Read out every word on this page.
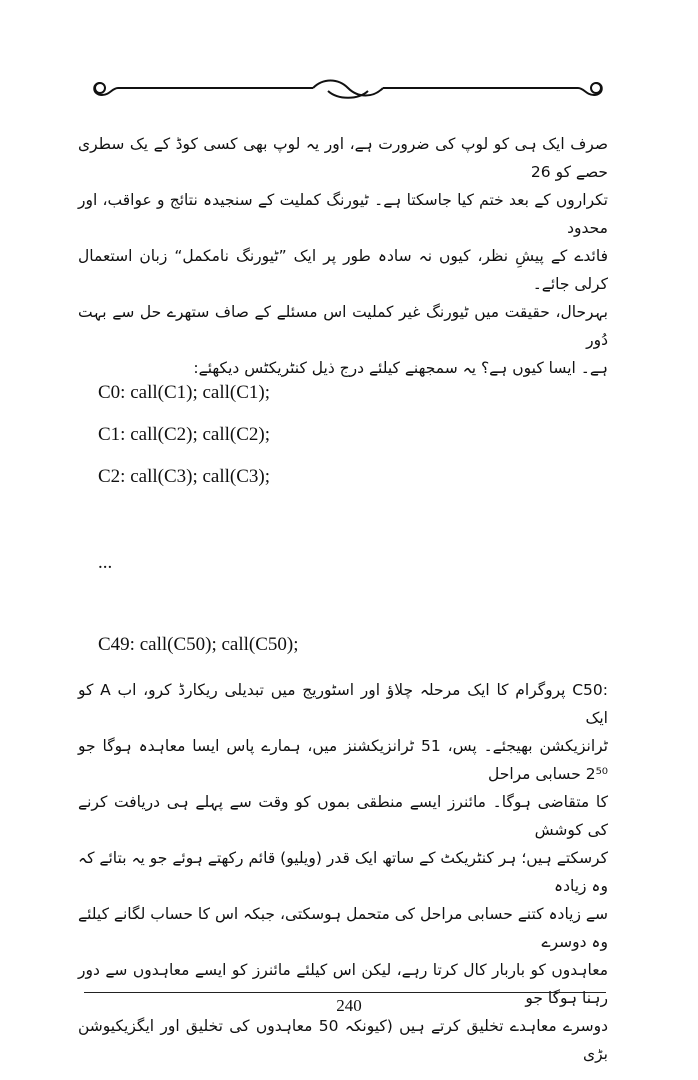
صرف ایک ہی کو لوپ کی ضرورت ہے، اور یہ لوپ بھی کسی کوڈ کے یک سطری حصے کو 26

تکراروں کے بعد ختم کیا جاسکتا ہے۔ ٹیورنگ کملیت کے سنجیدہ نتائج و عواقب، اور محدود

فائدے کے پیشِ نظر، کیوں نہ سادہ طور پر ایک ”ٹیورنگ نامکمل“ زبان استعمال کرلی جائے۔

بہرحال، حقیقت میں ٹیورنگ غیر کملیت اس مسئلے کے صاف ستھرے حل سے بہت دُور

ہے۔ ایسا کیوں ہے؟ یہ سمجھنے کیلئے درج ذیل کنٹریکٹس دیکھئے:

C0: call(C1); call(C1);
C1: call(C2); call(C2);
C2: call(C3); call(C3);
...
C49: call(C50); call(C50);

:C50 پروگرام کا ایک مرحلہ چلاؤ اور اسٹوریج میں تبدیلی ریکارڈ کرو، اب A کو ایک

ٹرانزیکشن بھیجئے۔ پس، 51 ٹرانزیکشنز میں، ہمارے پاس ایسا معاہدہ ہوگا جو 2⁵⁰ حسابی مراحل

کا متقاضی ہوگا۔ مائنرز ایسے منطقی بموں کو وقت سے پہلے ہی دریافت کرنے کی کوشش

کرسکتے ہیں؛ ہر کنٹریکٹ کے ساتھ ایک قدر (ویلیو) قائم رکھتے ہوئے جو یہ بتائے کہ وہ زیادہ

سے زیادہ کتنے حسابی مراحل کی متحمل ہوسکتی، جبکہ اس کا حساب لگانے کیلئے وہ دوسرے

معاہدوں کو باربار کال کرتا رہے، لیکن اس کیلئے مائنرز کو ایسے معاہدوں سے دور رہنا ہوگا جو

دوسرے معاہدے تخلیق کرتے ہیں (کیونکہ 50 معاہدوں کی تخلیق اور ایگزیکیوشن بڑی

240
